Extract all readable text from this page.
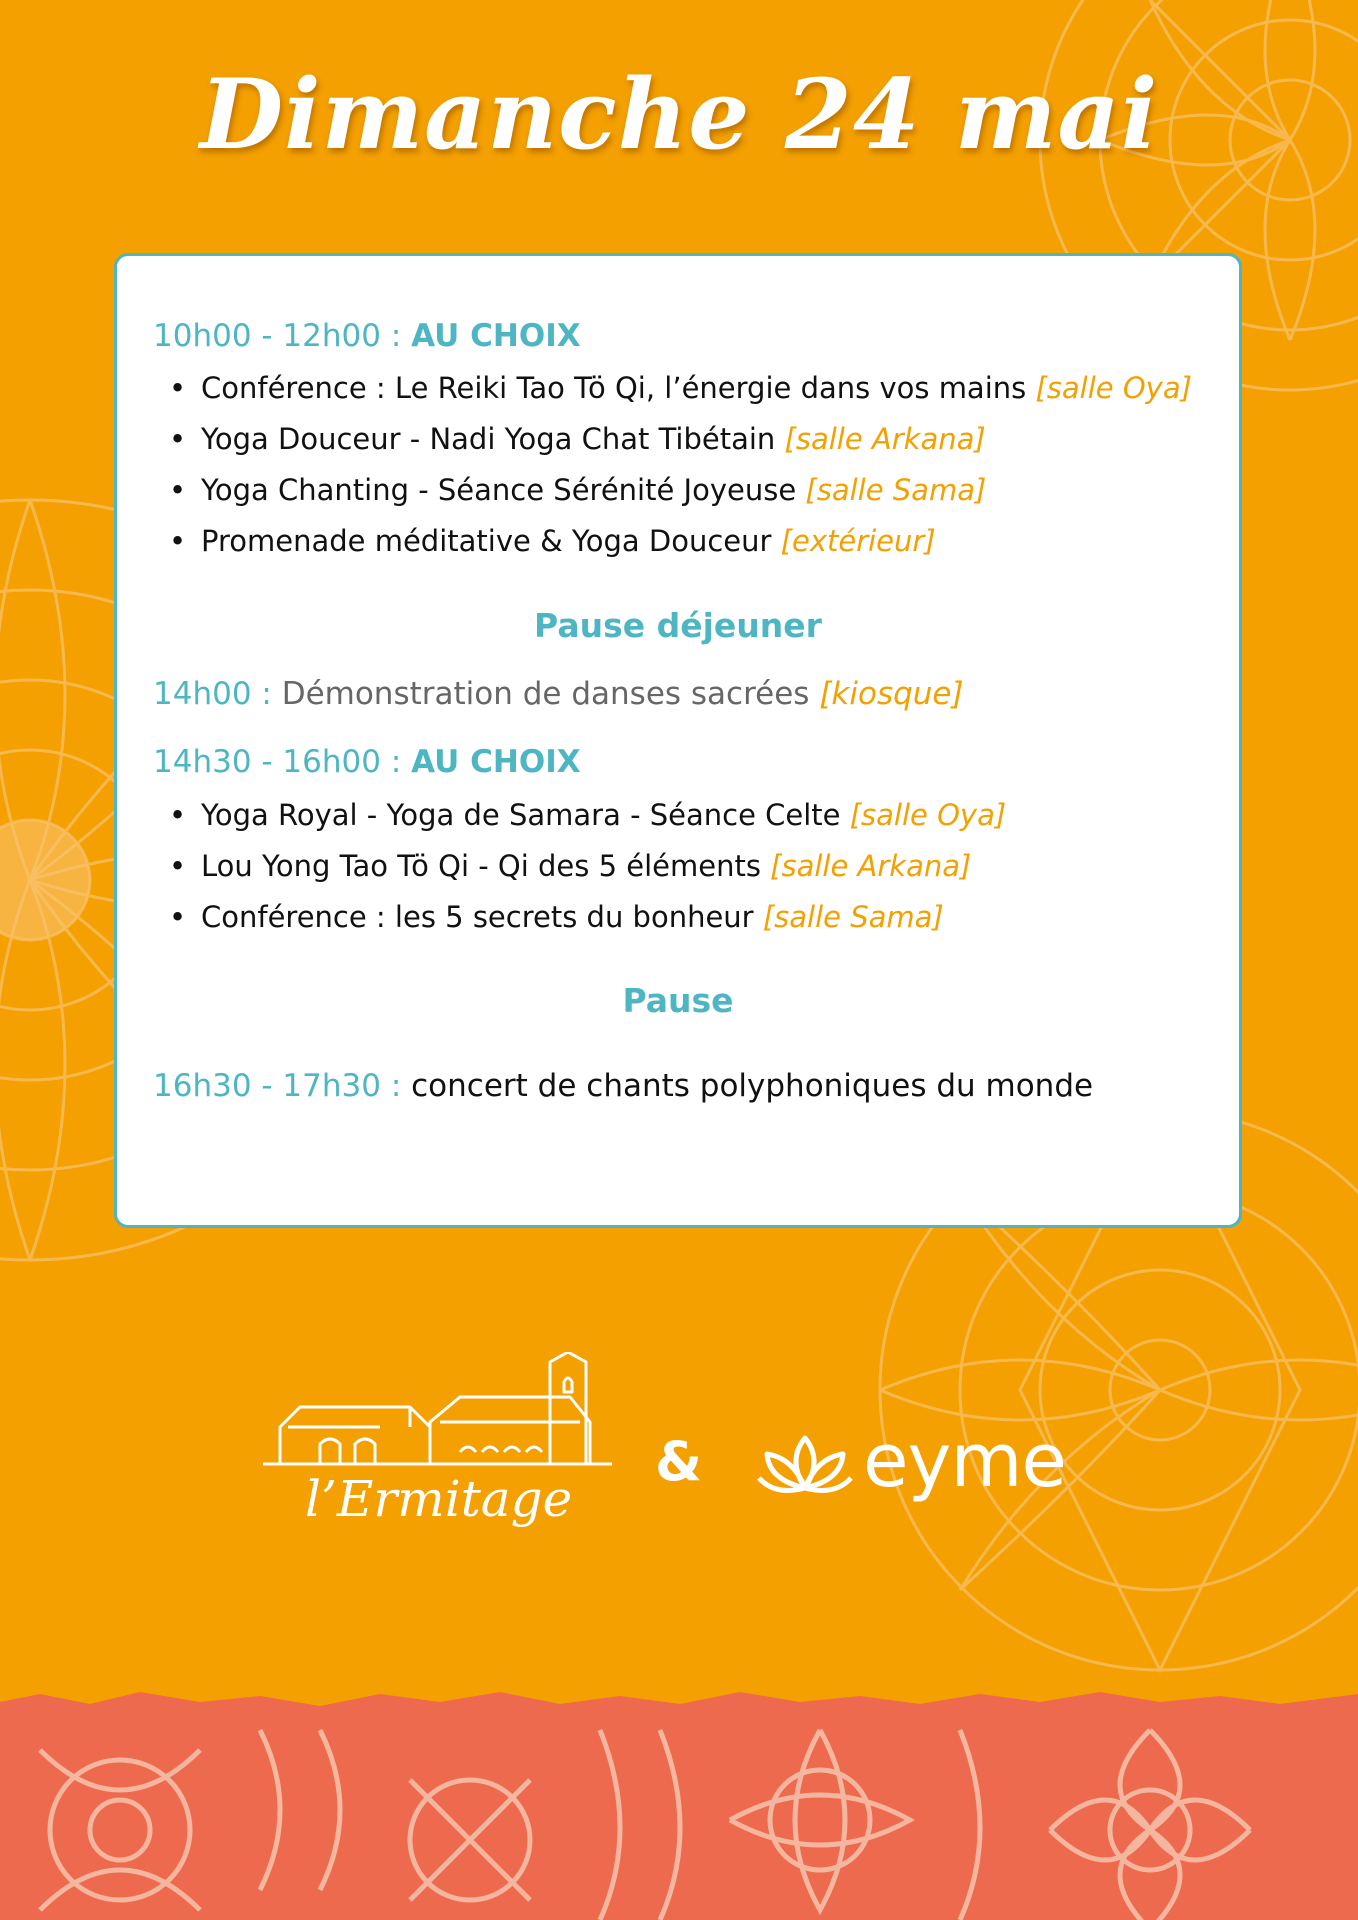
Dimanche 24 mai
10h00 - 12h00 : AU CHOIX
• Conférence : Le Reiki Tao Tö Qi, l’énergie dans vos mains [salle Oya]
• Yoga Douceur - Nadi Yoga Chat Tibétain [salle Arkana]
• Yoga Chanting - Séance Sérénité Joyeuse [salle Sama]
• Promenade méditative & Yoga Douceur [extérieur]
Pause déjeuner
14h00 : Démonstration de danses sacrées [kiosque]
14h30 - 16h00 : AU CHOIX
• Yoga Royal - Yoga de Samara - Séance Celte [salle Oya]
• Lou Yong Tao Tö Qi - Qi des 5 éléments [salle Arkana]
• Conférence : les 5 secrets du bonheur [salle Sama]
Pause
16h30 - 17h30 : concert de chants polyphoniques du monde
l’Ermitage
& eyme
